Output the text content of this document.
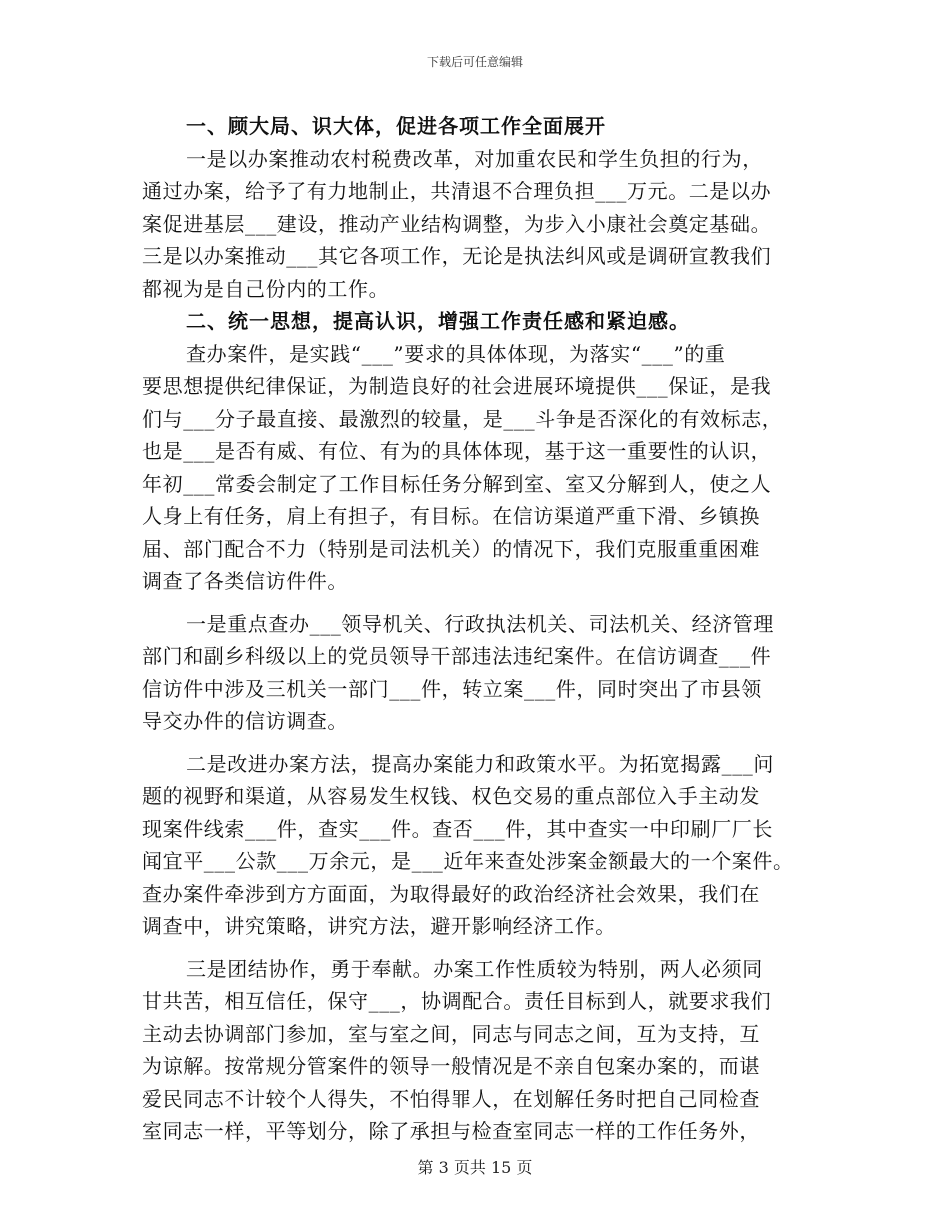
下载后可任意编辑
一、顾大局、识大体，促进各项工作全面展开
一是以办案推动农村税费改革，对加重农民和学生负担的行为，
通过办案，给予了有力地制止，共清退不合理负担___万元。二是以办
案促进基层___建设，推动产业结构调整，为步入小康社会奠定基础。
三是以办案推动___其它各项工作，无论是执法纠风或是调研宣教我们
都视为是自己份内的工作。
二、统一思想，提高认识，增强工作责任感和紧迫感。
查办案件，是实践“___”要求的具体体现，为落实“___”的重
要思想提供纪律保证，为制造良好的社会进展环境提供___保证，是我
们与___分子最直接、最激烈的较量，是___斗争是否深化的有效标志，
也是___是否有威、有位、有为的具体体现，基于这一重要性的认识，
年初___常委会制定了工作目标任务分解到室、室又分解到人，使之人
人身上有任务，肩上有担子，有目标。在信访渠道严重下滑、乡镇换
届、部门配合不力（特别是司法机关）的情况下，我们克服重重困难
调查了各类信访件件。
一是重点查办___领导机关、行政执法机关、司法机关、经济管理
部门和副乡科级以上的党员领导干部违法违纪案件。在信访调查___件
信访件中涉及三机关一部门___件，转立案___件，同时突出了市县领
导交办件的信访调查。
二是改进办案方法，提高办案能力和政策水平。为拓宽揭露___问
题的视野和渠道，从容易发生权钱、权色交易的重点部位入手主动发
现案件线索___件，查实___件。查否___件，其中查实一中印刷厂厂长
闻宜平___公款___万余元，是___近年来查处涉案金额最大的一个案件。
查办案件牵涉到方方面面，为取得最好的政治经济社会效果，我们在
调查中，讲究策略，讲究方法，避开影响经济工作。
三是团结协作，勇于奉献。办案工作性质较为特别，两人必须同
甘共苦，相互信任，保守___，协调配合。责任目标到人，就要求我们
主动去协调部门参加，室与室之间，同志与同志之间，互为支持，互
为谅解。按常规分管案件的领导一般情况是不亲自包案办案的，而谌
爱民同志不计较个人得失，不怕得罪人，在划解任务时把自己同检查
室同志一样，平等划分，除了承担与检查室同志一样的工作任务外，
第 3 页共 15 页
